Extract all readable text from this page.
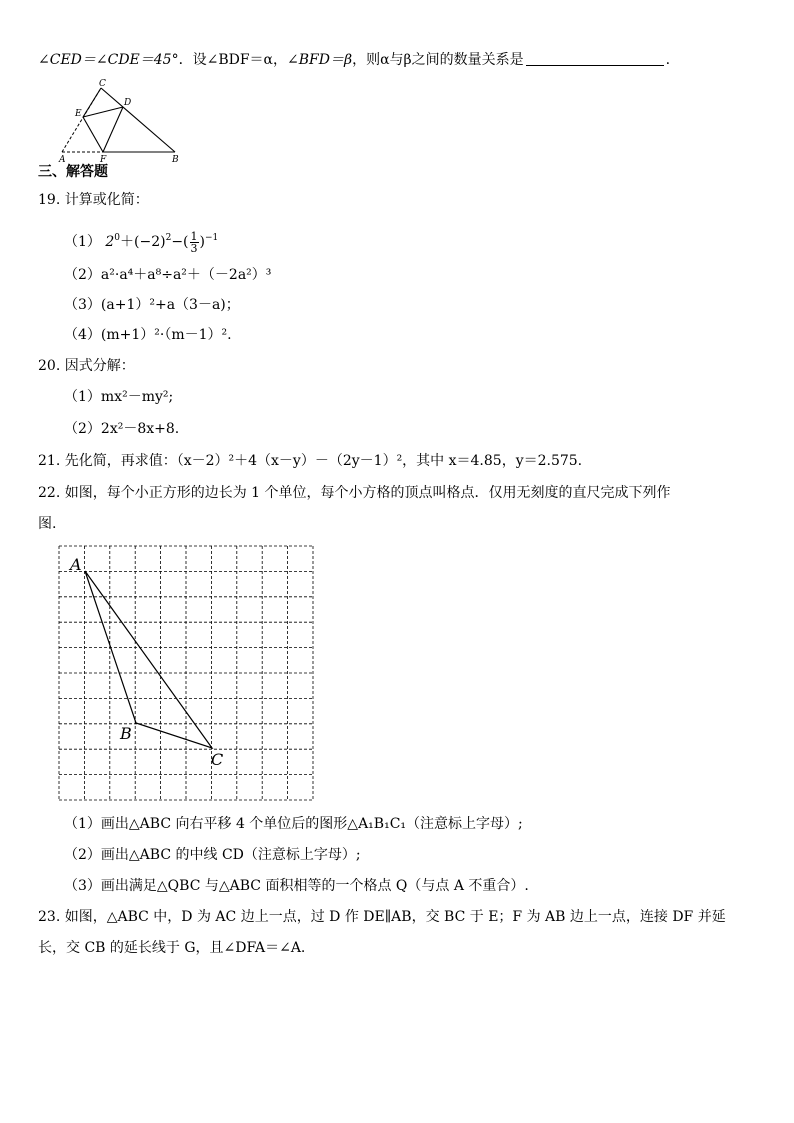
∠CED＝∠CDE＝45°．设∠BDF＝α，∠BFD＝β，则α与β之间的数量关系是	.
C
D
E
A	F	B
三、解答题
19. 计算或化简：
（1） $2^0+(-2)^2-( \frac{1}{3} )^{-1}$
（2）a²·a⁴＋a⁸÷a²＋（－2a²）³
（3）(a+1）²+a（3－a)；
（4）(m+1）²·（m－1）².
20. 因式分解：
（1）mx²－my²;
（2）2x²－8x+8.
21. 先化简，再求值：（x－2）²＋4（x－y）－（2y－1）²，其中 x＝4.85，y＝2.575.
22. 如图，每个小正方形的边长为 1 个单位，每个小方格的顶点叫格点．仅用无刻度的直尺完成下列作
图.
A
B
C
（1）画出△ABC 向右平移 4 个单位后的图形△A₁B₁C₁（注意标上字母）;
（2）画出△ABC 的中线 CD（注意标上字母）;
（3）画出满足△QBC 与△ABC 面积相等的一个格点 Q（与点 A 不重合）.
23. 如图，△ABC 中，D 为 AC 边上一点，过 D 作 DE∥AB，交 BC 于 E；F 为 AB 边上一点，连接 DF 并延
长，交 CB 的延长线于 G，且∠DFA＝∠A.
